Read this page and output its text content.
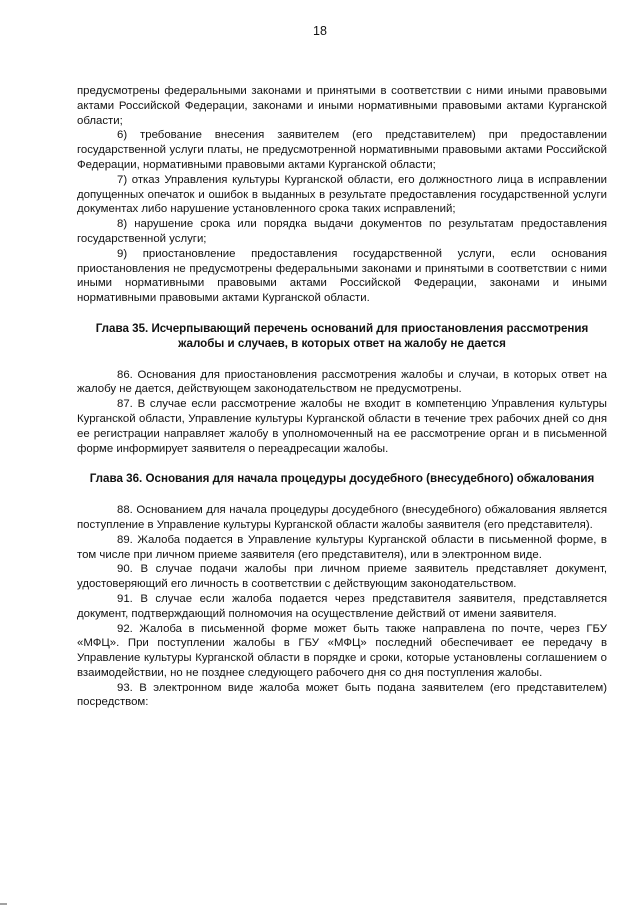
18

предусмотрены федеральными законами и принятыми в соответствии с ними иными правовыми актами Российской Федерации, законами и иными нормативными правовыми актами Курганской области;

6) требование внесения заявителем (его представителем) при предоставлении государственной услуги платы, не предусмотренной нормативными правовыми актами Российской Федерации, нормативными правовыми актами Курганской области;

7) отказ Управления культуры Курганской области, его должностного лица в исправлении допущенных опечаток и ошибок в выданных в результате предоставления государственной услуги документах либо нарушение установленного срока таких исправлений;

8) нарушение срока или порядка выдачи документов по результатам предоставления государственной услуги;

9) приостановление предоставления государственной услуги, если основания приостановления не предусмотрены федеральными законами и принятыми в соответствии с ними иными нормативными правовыми актами Российской Федерации, законами и иными нормативными правовыми актами Курганской области.

Глава 35. Исчерпывающий перечень оснований для приостановления рассмотрения жалобы и случаев, в которых ответ на жалобу не дается

86. Основания для приостановления рассмотрения жалобы и случаи, в которых ответ на жалобу не дается, действующем законодательством не предусмотрены.

87. В случае если рассмотрение жалобы не входит в компетенцию Управления культуры Курганской области, Управление культуры Курганской области в течение трех рабочих дней со дня ее регистрации направляет жалобу в уполномоченный на ее рассмотрение орган и в письменной форме информирует заявителя о переадресации жалобы.

Глава 36. Основания для начала процедуры досудебного (внесудебного) обжалования

88. Основанием для начала процедуры досудебного (внесудебного) обжалования является поступление в Управление культуры Курганской области жалобы заявителя (его представителя).

89. Жалоба подается в Управление культуры Курганской области в письменной форме, в том числе при личном приеме заявителя (его представителя), или в электронном виде.

90. В случае подачи жалобы при личном приеме заявитель представляет документ, удостоверяющий его личность в соответствии с действующим законодательством.

91. В случае если жалоба подается через представителя заявителя, представляется документ, подтверждающий полномочия на осуществление действий от имени заявителя.

92. Жалоба в письменной форме может быть также направлена по почте, через ГБУ «МФЦ». При поступлении жалобы в ГБУ «МФЦ» последний обеспечивает ее передачу в Управление культуры Курганской области в порядке и сроки, которые установлены соглашением о взаимодействии, но не позднее следующего рабочего дня со дня поступления жалобы.

93. В электронном виде жалоба может быть подана заявителем (его представителем) посредством:
